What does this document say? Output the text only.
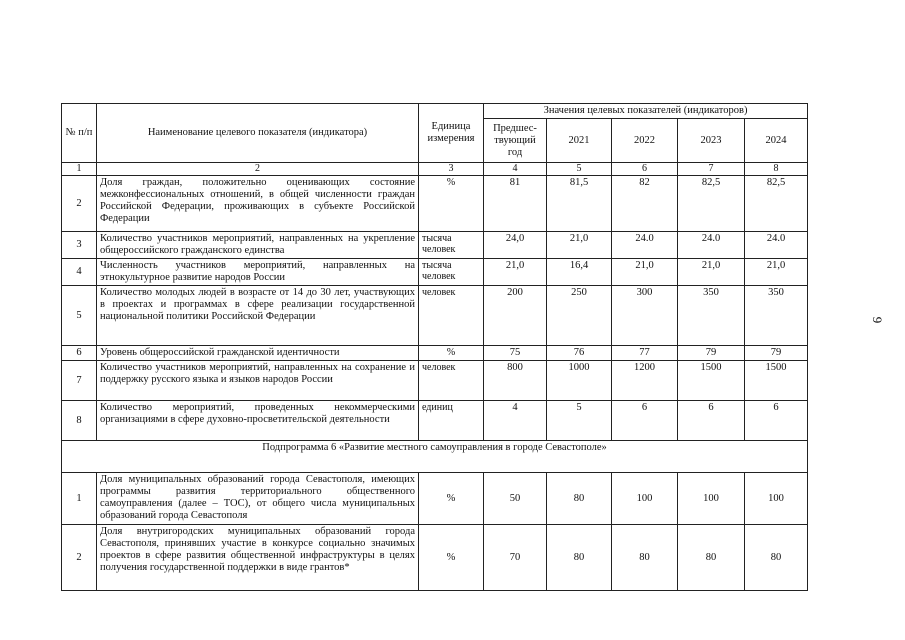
№ п/п	Наименование целевого показателя (индикатора)	Единица измерения	Значения целевых показателей (индикаторов)				
			Предшес-твующий год	2021	2022	2023	2024
1	2	3	4	5	6	7	8
2	Доля граждан, положительно оценивающих состояние межконфессиональных отношений, в общей численности граждан Российской Федерации, проживающих в субъекте Российской Федерации	%	81	81,5	82	82,5	82,5
3	Количество участников мероприятий, направленных на укрепление общероссийского гражданского единства	тысяча человек	24,0	21,0	24.0	24.0	24.0
4	Численность участников мероприятий, направленных на этнокультурное развитие народов России	тысяча человек	21,0	16,4	21,0	21,0	21,0
5	Количество молодых людей в возрасте от 14 до 30 лет, участвующих в проектах и программах в сфере реализации государственной национальной политики Российской Федерации	человек	200	250	300	350	350
6	Уровень общероссийской гражданской идентичности	%	75	76	77	79	79
7	Количество участников мероприятий, направленных на сохранение и поддержку русского языка и языков народов России	человек	800	1000	1200	1500	1500
8	Количество мероприятий, проведенных некоммерческими организациями в сфере духовно-просветительской деятельности	единиц	4	5	6	6	6
Подпрограмма 6 «Развитие местного самоуправления в городе Севастополе»							
1	Доля муниципальных образований города Севастополя, имеющих программы развития территориального общественного самоуправления (далее – ТОС), от общего числа муниципальных образований города Севастополя	%	50	80	100	100	100
2	Доля внутригородских муниципальных образований города Севастополя, принявших участие в конкурсе социально значимых проектов в сфере развития общественной инфраструктуры в целях получения государственной поддержки в виде грантов*	%	70	80	80	80	80
9
